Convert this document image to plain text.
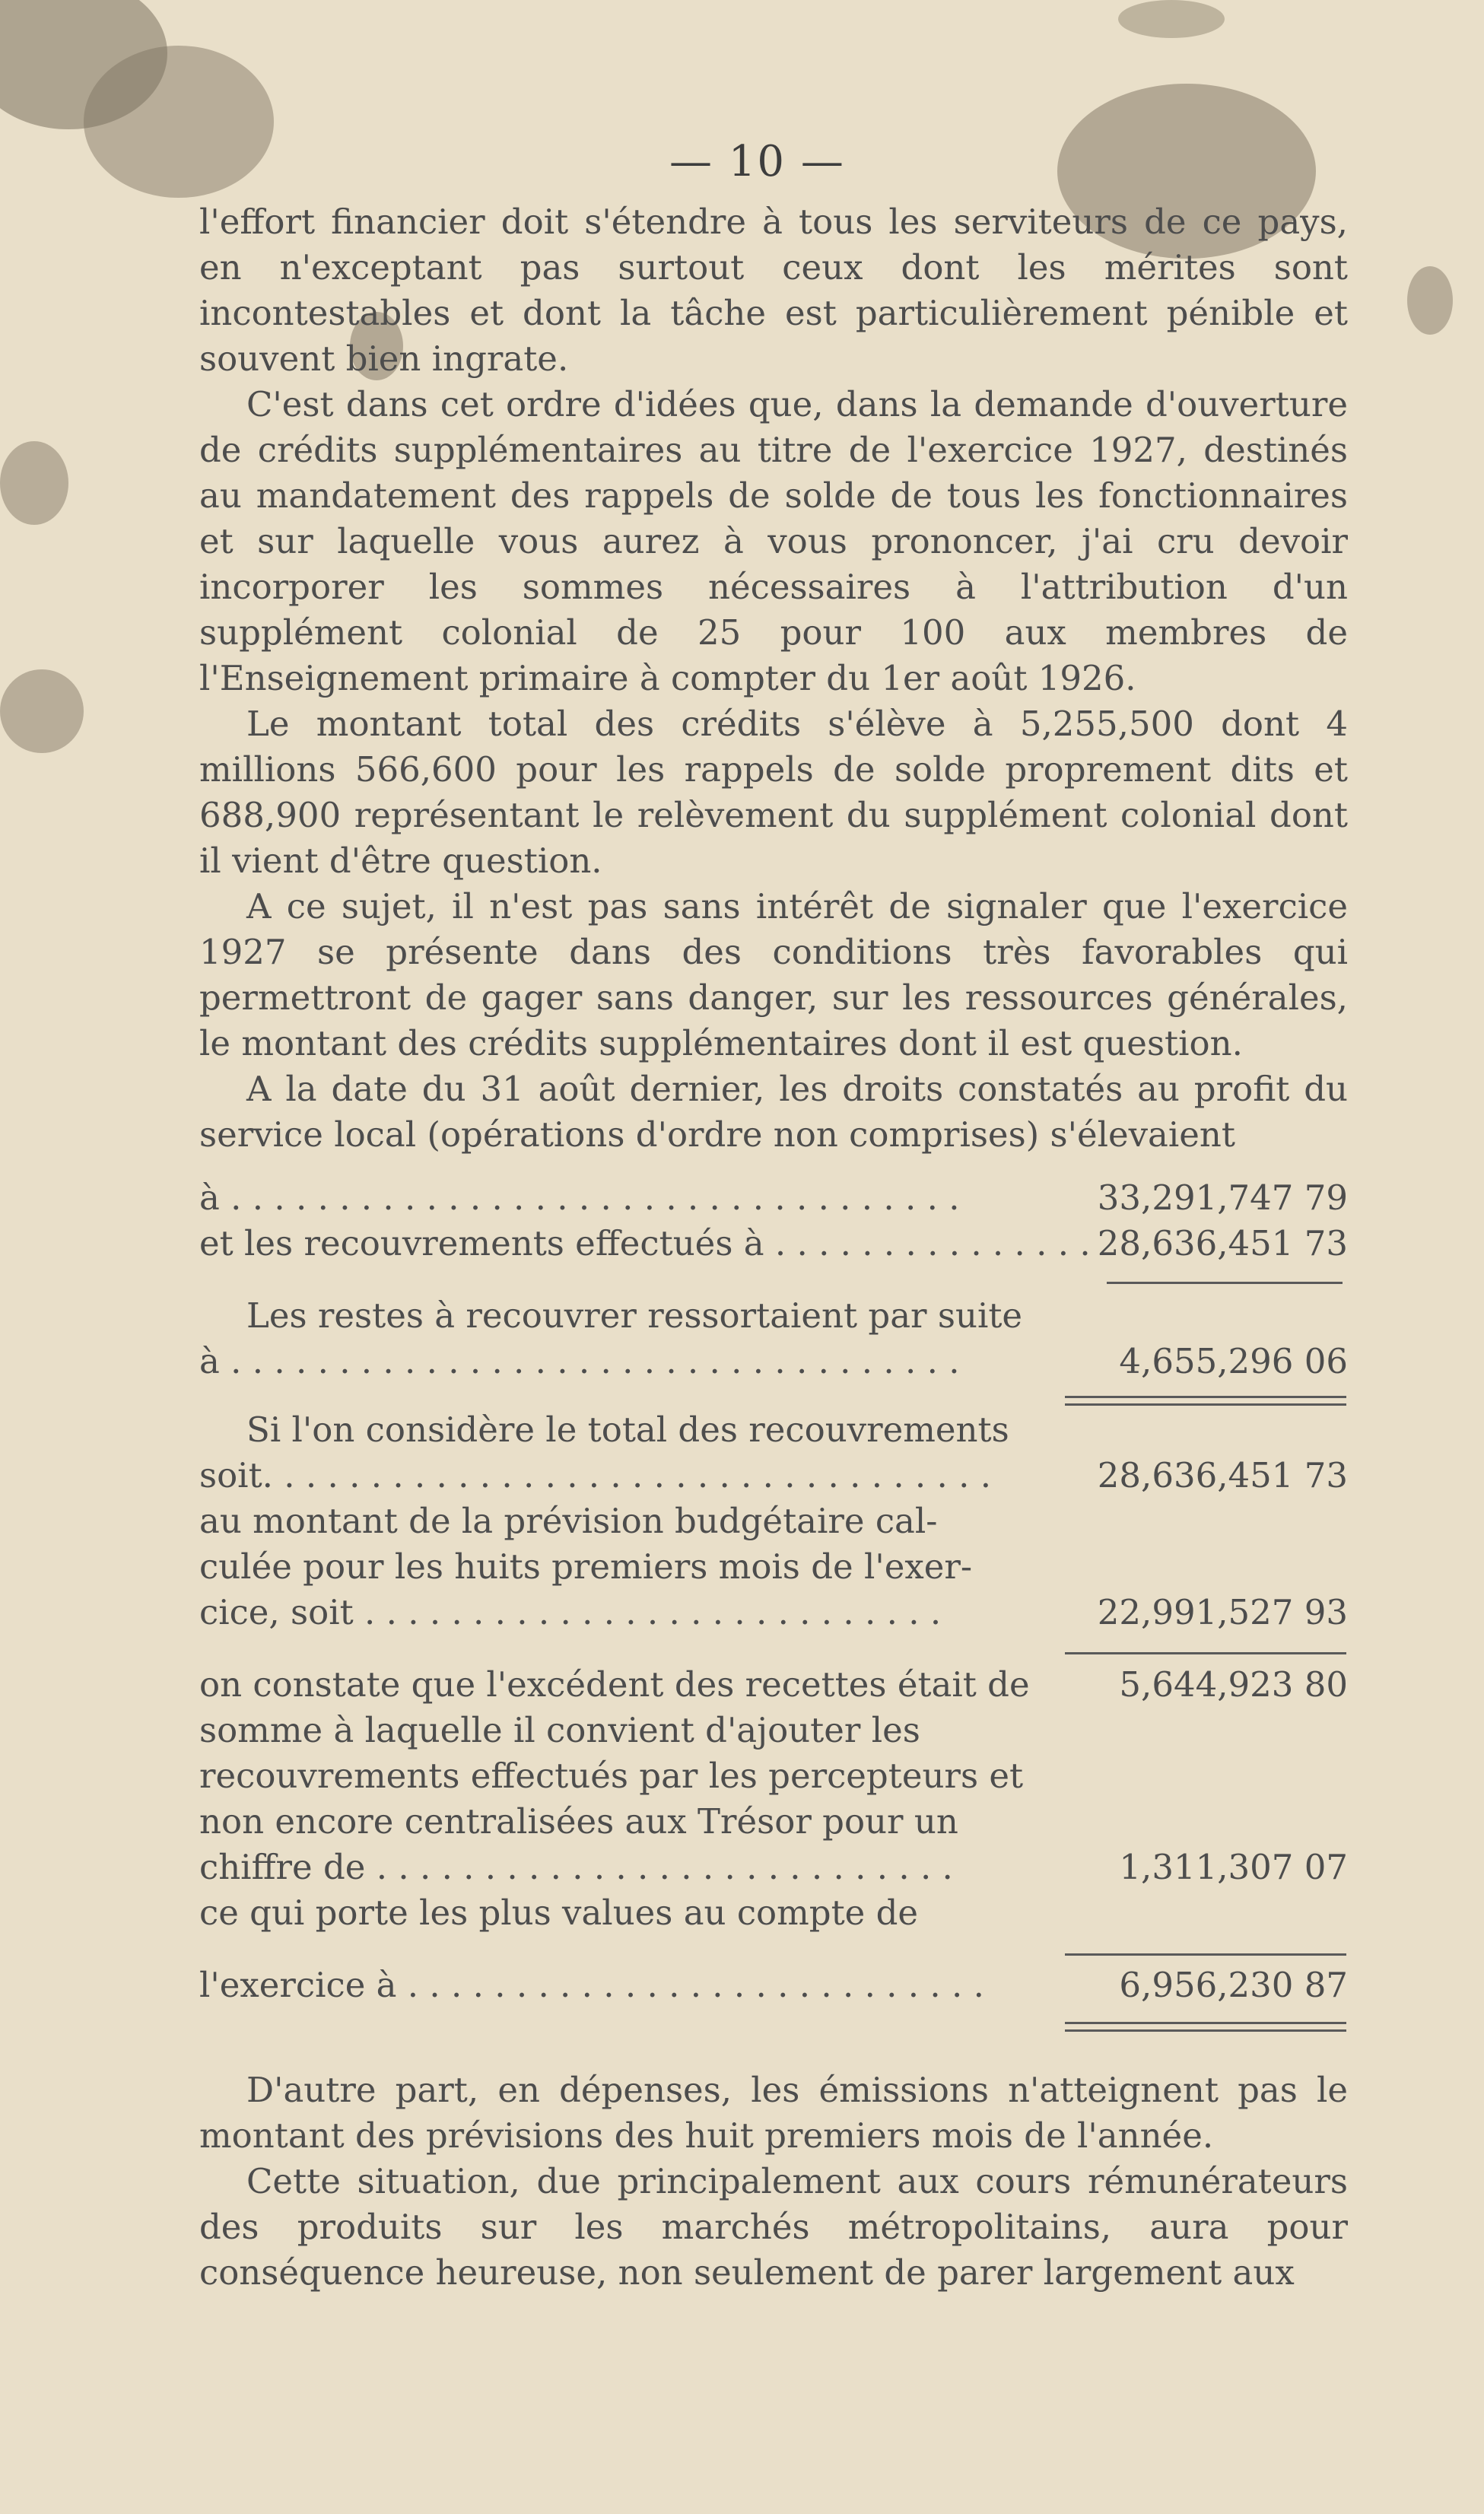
— 10 —

l'effort financier doit s'étendre à tous les serviteurs de ce pays, en n'exceptant pas surtout ceux dont les mérites sont incontestables et dont la tâche est particulièrement pénible et souvent bien ingrate.

C'est dans cet ordre d'idées que, dans la demande d'ouverture de crédits supplémentaires au titre de l'exercice 1927, destinés au mandatement des rappels de solde de tous les fonctionnaires et sur laquelle vous aurez à vous prononcer, j'ai cru devoir incorporer les sommes nécessaires à l'attribution d'un supplément colonial de 25 pour 100 aux membres de l'Enseignement primaire à compter du 1er août 1926.

Le montant total des crédits s'élève à 5,255,500 dont 4 millions 566,600 pour les rappels de solde proprement dits et 688,900 représentant le relèvement du supplément colonial dont il vient d'être question.

A ce sujet, il n'est pas sans intérêt de signaler que l'exercice 1927 se présente dans des conditions très favorables qui permettront de gager sans danger, sur les ressources générales, le montant des crédits supplémentaires dont il est question.

A la date du 31 août dernier, les droits constatés au profit du service local (opérations d'ordre non comprises) s'élevaient

à . . . . . . . . . . . . . . . . . . . . . . . . . . . . . . . . . .	33,291,747 79
et les recouvrements effectués à . . . . . . . . . . . . . . . 28,636,451 73
Les restes à recouvrer ressortaient par suite
à . . . . . . . . . . . . . . . . . . . . . . . . . . . . . . . . . .	4,655,296 06
Si l'on considère le total des recouvrements
soit. . . . . . . . . . . . . . . . . . . . . . . . . . . . . . . . . .	28,636,451 73
au montant de la prévision budgétaire cal-
culée pour les huits premiers mois de l'exer-
cice, soit . . . . . . . . . . . . . . . . . . . . . . . . . . .	22,991,527 93
on constate que l'excédent des recettes était de	5,644,923 80
somme à laquelle il convient d'ajouter les
recouvrements effectués par les percepteurs et
non encore centralisées aux Trésor pour un
chiffre de . . . . . . . . . . . . . . . . . . . . . . . . . . .	1,311,307 07
ce qui porte les plus values au compte de
l'exercice à . . . . . . . . . . . . . . . . . . . . . . . . . . .	6,956,230 87

D'autre part, en dépenses, les émissions n'atteignent pas le montant des prévisions des huit premiers mois de l'année.

Cette situation, due principalement aux cours rémunérateurs des produits sur les marchés métropolitains, aura pour conséquence heureuse, non seulement de parer largement aux
